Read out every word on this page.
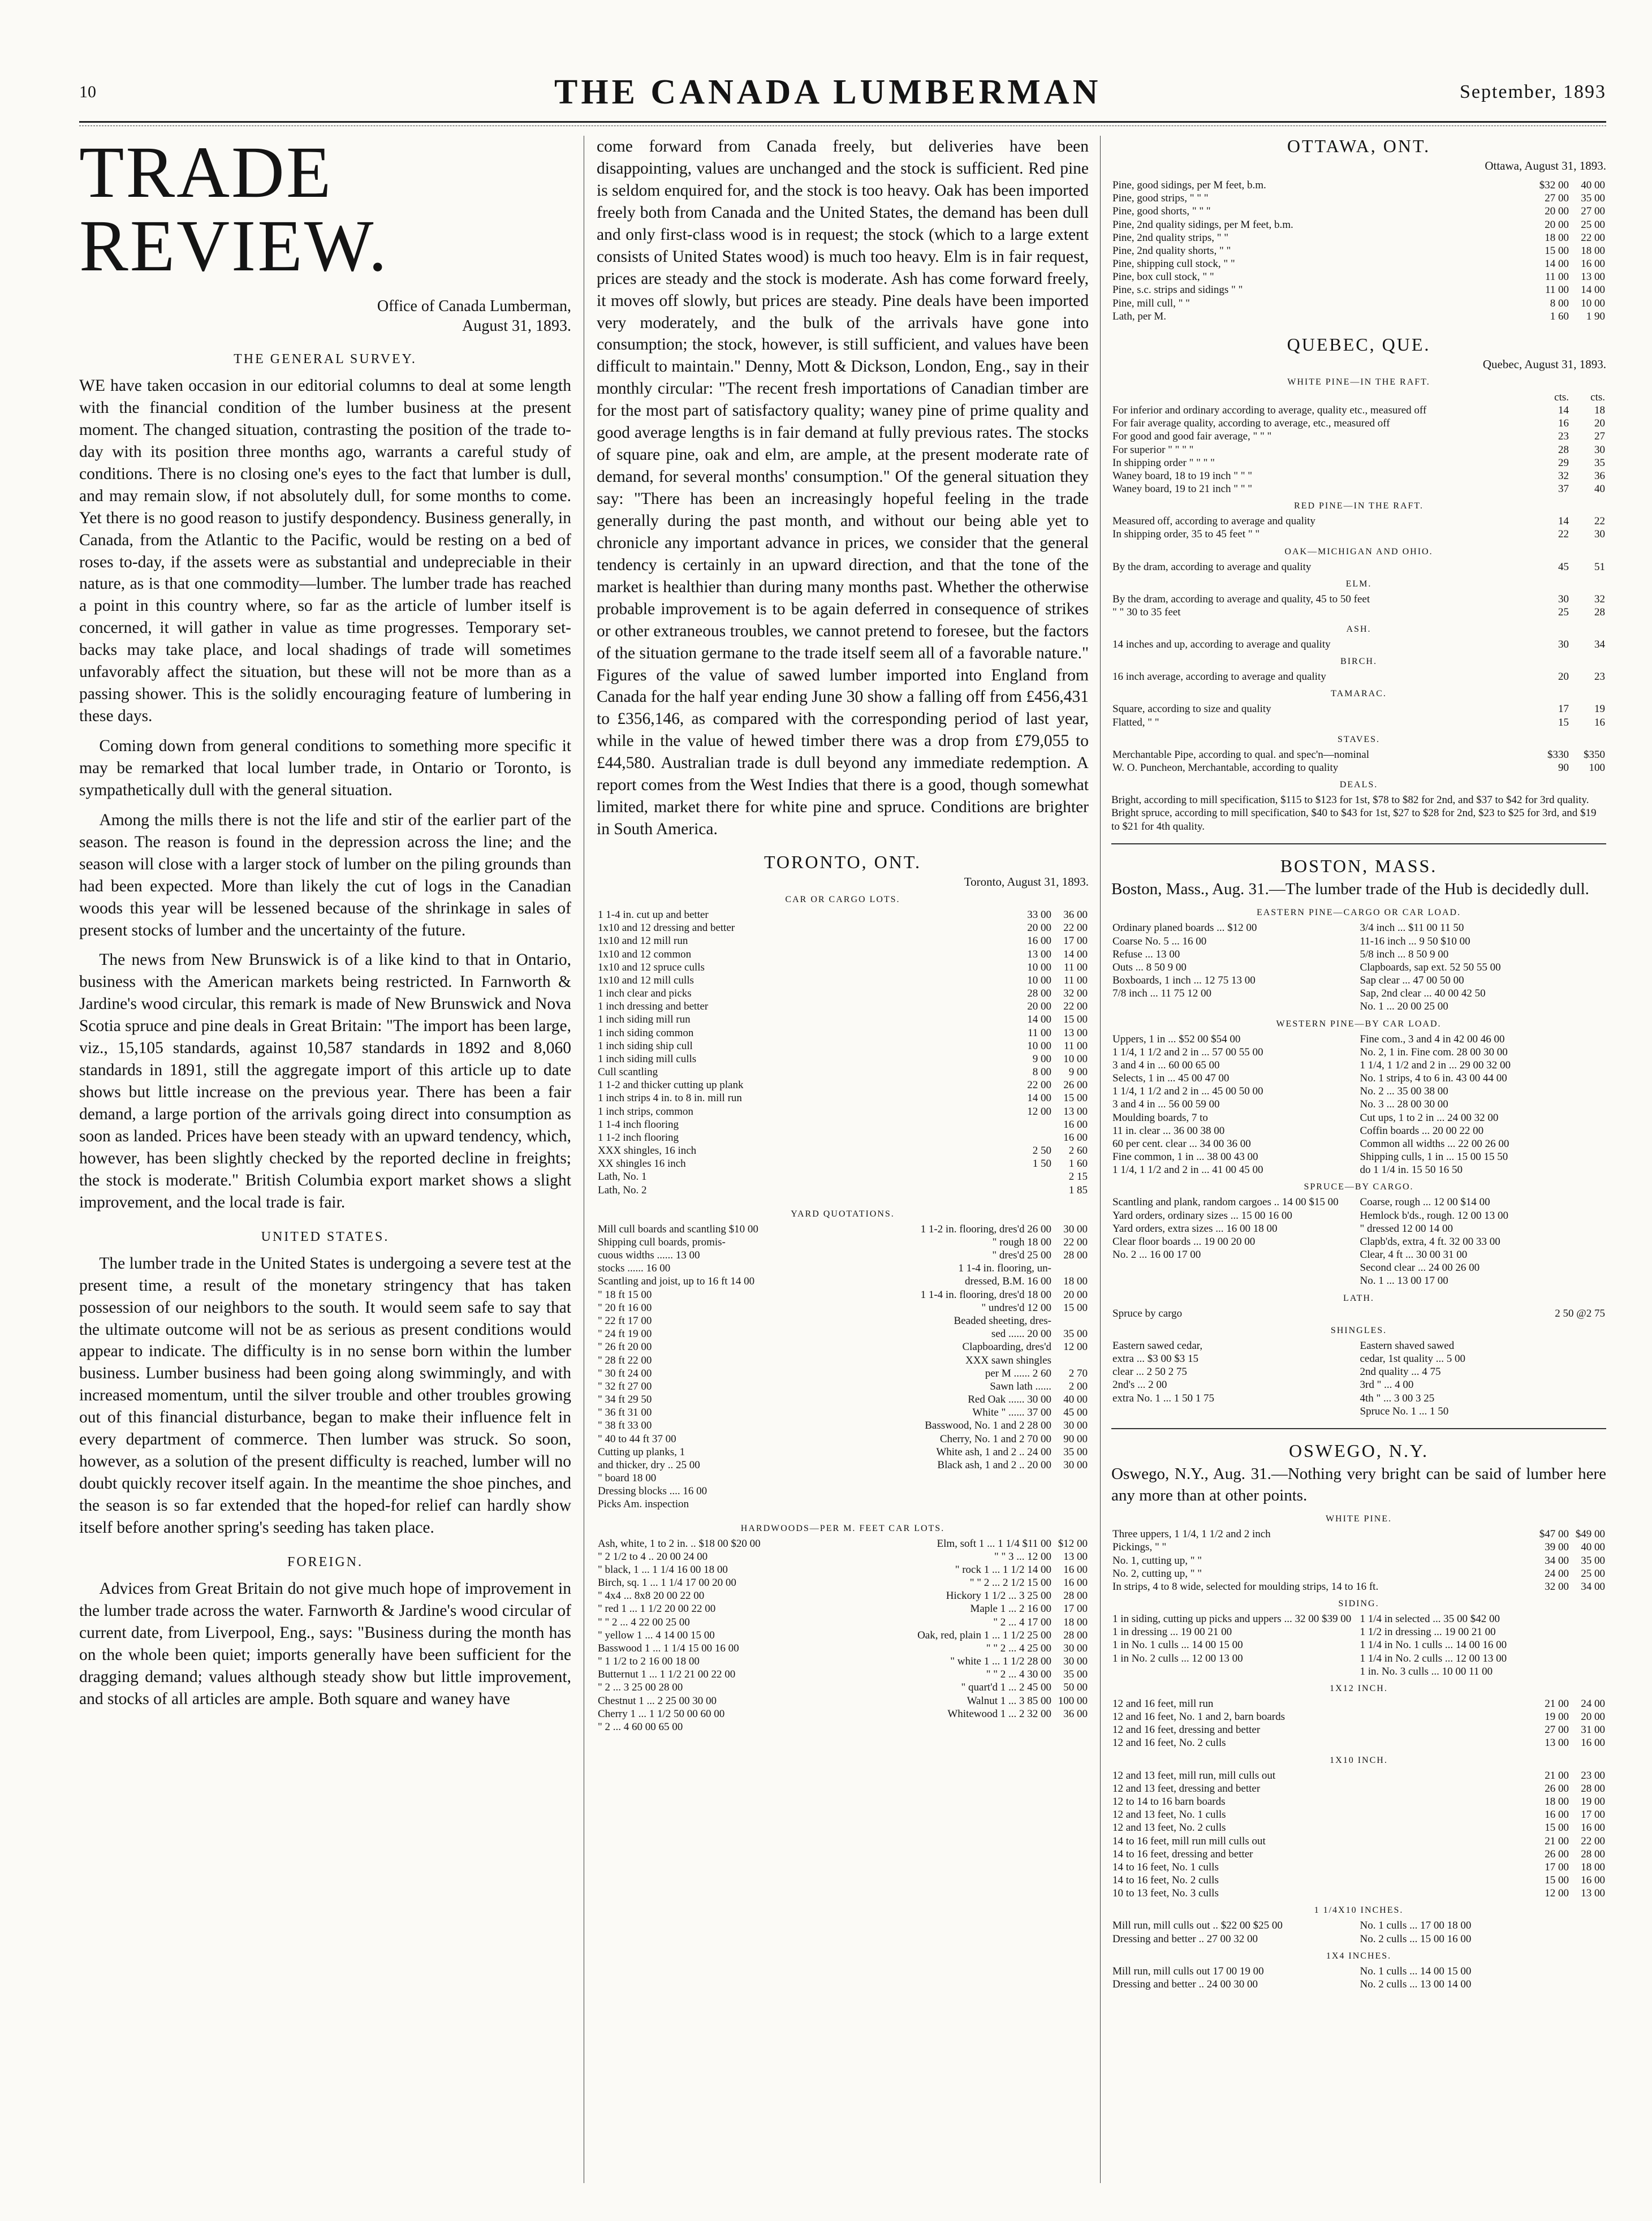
10	THE CANADA LUMBERMAN	September, 1893
TRADE REVIEW.
Office of Canada Lumberman,
August 31, 1893.
THE GENERAL SURVEY.

WE have taken occasion in our editorial columns to deal at some length with the financial condition of the lumber business at the present moment. The changed situation, contrasting the position of the trade to-day with its position three months ago, warrants a careful study of conditions. There is no closing one's eyes to the fact that lumber is dull, and may remain slow, if not absolutely dull, for some months to come. Yet there is no good reason to justify despondency. Business generally, in Canada, from the Atlantic to the Pacific, would be resting on a bed of roses to-day, if the assets were as substantial and undepreciable in their nature, as is that one commodity—lumber. The lumber trade has reached a point in this country where, so far as the article of lumber itself is concerned, it will gather in value as time progresses. Temporary set-backs may take place, and local shadings of trade will sometimes unfavorably affect the situation, but these will not be more than as a passing shower. This is the solidly encouraging feature of lumbering in these days.

Coming down from general conditions to something more specific it may be remarked that local lumber trade, in Ontario or Toronto, is sympathetically dull with the general situation.

Among the mills there is not the life and stir of the earlier part of the season. The reason is found in the depression across the line; and the season will close with a larger stock of lumber on the piling grounds than had been expected. More than likely the cut of logs in the Canadian woods this year will be lessened because of the shrinkage in sales of present stocks of lumber and the uncertainty of the future.

The news from New Brunswick is of a like kind to that in Ontario, business with the American markets being restricted. In Farnworth & Jardine's wood circular, this remark is made of New Brunswick and Nova Scotia spruce and pine deals in Great Britain: "The import has been large, viz., 15,105 standards, against 10,587 standards in 1892 and 8,060 standards in 1891, still the aggregate import of this article up to date shows but little increase on the previous year. There has been a fair demand, a large portion of the arrivals going direct into consumption as soon as landed. Prices have been steady with an upward tendency, which, however, has been slightly checked by the reported decline in freights; the stock is moderate." British Columbia export market shows a slight improvement, and the local trade is fair.

UNITED STATES.

The lumber trade in the United States is undergoing a severe test at the present time, a result of the monetary stringency that has taken possession of our neighbors to the south. It would seem safe to say that the ultimate outcome will not be as serious as present conditions would appear to indicate. The difficulty is in no sense born within the lumber business. Lumber business had been going along swimmingly, and with increased momentum, until the silver trouble and other troubles growing out of this financial disturbance, began to make their influence felt in every department of commerce. Then lumber was struck. So soon, however, as a solution of the present difficulty is reached, lumber will no doubt quickly recover itself again. In the meantime the shoe pinches, and the season is so far extended that the hoped-for relief can hardly show itself before another spring's seeding has taken place.

FOREIGN.

Advices from Great Britain do not give much hope of improvement in the lumber trade across the water. Farnworth & Jardine's wood circular of current date, from Liverpool, Eng., says: "Business during the month has on the whole been quiet; imports generally have been sufficient for the dragging demand; values although steady show but little improvement, and stocks of all articles are ample. Both square and waney have

come forward from Canada freely, but deliveries have been disappointing, values are unchanged and the stock is sufficient. Red pine is seldom enquired for, and the stock is too heavy. Oak has been imported freely both from Canada and the United States, the demand has been dull and only first-class wood is in request; the stock (which to a large extent consists of United States wood) is much too heavy. Elm is in fair request, prices are steady and the stock is moderate. Ash has come forward freely, it moves off slowly, but prices are steady. Pine deals have been imported very moderately, and the bulk of the arrivals have gone into consumption; the stock, however, is still sufficient, and values have been difficult to maintain." Denny, Mott & Dickson, London, Eng., say in their monthly circular: "The recent fresh importations of Canadian timber are for the most part of satisfactory quality; waney pine of prime quality and good average lengths is in fair demand at fully previous rates. The stocks of square pine, oak and elm, are ample, at the present moderate rate of demand, for several months' consumption." Of the general situation they say: "There has been an increasingly hopeful feeling in the trade generally during the past month, and without our being able yet to chronicle any important advance in prices, we consider that the general tendency is certainly in an upward direction, and that the tone of the market is healthier than during many months past. Whether the otherwise probable improvement is to be again deferred in consequence of strikes or other extraneous troubles, we cannot pretend to foresee, but the factors of the situation germane to the trade itself seem all of a favorable nature." Figures of the value of sawed lumber imported into England from Canada for the half year ending June 30 show a falling off from £456,431 to £356,146, as compared with the corresponding period of last year, while in the value of hewed timber there was a drop from £79,055 to £44,580. Australian trade is dull beyond any immediate redemption. A report comes from the West Indies that there is a good, though somewhat limited, market there for white pine and spruce. Conditions are brighter in South America.

TORONTO, ONT.
Toronto, August 31, 1893.
CAR OR CARGO LOTS.
1 1-4 in. cut up and better	33 00	36 00
1x10 and 12 dressing and better	20 00	22 00
1x10 and 12 mill run	16 00	17 00
1x10 and 12 common	13 00	14 00
1x10 and 12 spruce culls	10 00	11 00
1x10 and 12 mill culls	10 00	11 00
1 inch clear and picks	28 00	32 00
1 inch dressing and better	20 00	22 00
1 inch siding mill run	14 00	15 00
1 inch siding common	11 00	13 00
1 inch siding ship cull	10 00	11 00
1 inch siding mill culls	9 00	10 00
Cull scantling	8 00	9 00
1 1-2 and thicker cutting up plank	22 00	26 00
1 inch strips 4 in. to 8 in. mill run	14 00	15 00
1 inch strips, common	12 00	13 00
1 1-4 inch flooring		16 00
1 1-2 inch flooring		16 00
XXX shingles, 16 inch	2 50	2 60
XX shingles 16 inch	1 50	1 60
Lath, No. 1		2 15
Lath, No. 2		1 85
YARD QUOTATIONS.
Mill cull boards and scantling $10 00	1 1-2 in. flooring, dres'd 26 00	30 00
Shipping cull boards, promis-	" rough 18 00	22 00
cuous widths ...... 13 00	" dres'd 25 00	28 00
stocks ...... 16 00	1 1-4 in. flooring, un-	
Scantling and joist, up to 16 ft 14 00	dressed, B.M. 16 00	18 00
" 18 ft 15 00	1 1-4 in. flooring, dres'd 18 00	20 00
" 20 ft 16 00	" undres'd 12 00	15 00
" 22 ft 17 00	Beaded sheeting, dres-	
" 24 ft 19 00	sed ...... 20 00	35 00
" 26 ft 20 00	Clapboarding, dres'd	12 00
" 28 ft 22 00	XXX sawn shingles	
" 30 ft 24 00	per M ...... 2 60	2 70
" 32 ft 27 00	Sawn lath ......	2 00
" 34 ft 29 50	Red Oak ...... 30 00	40 00
" 36 ft 31 00	White " ...... 37 00	45 00
" 38 ft 33 00	Basswood, No. 1 and 2 28 00	30 00
" 40 to 44 ft 37 00	Cherry, No. 1 and 2 70 00	90 00
Cutting up planks, 1	White ash, 1 and 2 .. 24 00	35 00
and thicker, dry .. 25 00	Black ash, 1 and 2 .. 20 00	30 00
" board 18 00		
Dressing blocks .... 16 00		
Picks Am. inspection		
HARDWOODS—PER M. FEET CAR LOTS.
Ash, white, 1 to 2 in. .. $18 00 $20 00	Elm, soft 1 ... 1 1/4 $11 00	$12 00
" 2 1/2 to 4 .. 20 00 24 00	" " 3 ... 12 00	13 00
" black, 1 ... 1 1/4 16 00 18 00	" rock 1 ... 1 1/2 14 00	16 00
Birch, sq. 1 ... 1 1/4 17 00 20 00	" " 2 ... 2 1/2 15 00	16 00
" 4x4 ... 8x8 20 00 22 00	Hickory 1 1/2 ... 3 25 00	28 00
" red 1 ... 1 1/2 20 00 22 00	Maple 1 ... 2 16 00	17 00
" " 2 ... 4 22 00 25 00	" 2 ... 4 17 00	18 00
" yellow 1 ... 4 14 00 15 00	Oak, red, plain 1 ... 1 1/2 25 00	28 00
Basswood 1 ... 1 1/4 15 00 16 00	" " 2 ... 4 25 00	30 00
" 1 1/2 to 2 16 00 18 00	" white 1 ... 1 1/2 28 00	30 00
Butternut 1 ... 1 1/2 21 00 22 00	" " 2 ... 4 30 00	35 00
" 2 ... 3 25 00 28 00	" quart'd 1 ... 2 45 00	50 00
Chestnut 1 ... 2 25 00 30 00	Walnut 1 ... 3 85 00	100 00
Cherry 1 ... 1 1/2 50 00 60 00	Whitewood 1 ... 2 32 00	36 00
" 2 ... 4 60 00 65 00		
OTTAWA, ONT.
Ottawa, August 31, 1893.
Pine, good sidings, per M feet, b.m.	$32 00	40 00
Pine, good strips, " " "	27 00	35 00
Pine, good shorts, " " "	20 00	27 00
Pine, 2nd quality sidings, per M feet, b.m.	20 00	25 00
Pine, 2nd quality strips, " "	18 00	22 00
Pine, 2nd quality shorts, " "	15 00	18 00
Pine, shipping cull stock, " "	14 00	16 00
Pine, box cull stock, " "	11 00	13 00
Pine, s.c. strips and sidings " "	11 00	14 00
Pine, mill cull, " "	8 00	10 00
Lath, per M.	1 60	1 90
QUEBEC, QUE.
Quebec, August 31, 1893.
WHITE PINE—IN THE RAFT.
	cts.	cts.
For inferior and ordinary according to average, quality etc., measured off	14	18
For fair average quality, according to average, etc., measured off	16	20
For good and good fair average, " " "	23	27
For superior " " " "	28	30
In shipping order " " " "	29	35
Waney board, 18 to 19 inch " " "	32	36
Waney board, 19 to 21 inch " " "	37	40
RED PINE—IN THE RAFT.
Measured off, according to average and quality	14	22
In shipping order, 35 to 45 feet " "	22	30
OAK—MICHIGAN AND OHIO.
By the dram, according to average and quality	45	51
ELM.
By the dram, according to average and quality, 45 to 50 feet	30	32
" " 30 to 35 feet	25	28
ASH.
14 inches and up, according to average and quality	30	34
BIRCH.
16 inch average, according to average and quality	20	23
TAMARAC.
Square, according to size and quality	17	19
Flatted, " "	15	16
STAVES.
Merchantable Pipe, according to qual. and spec'n—nominal	$330	$350
W. O. Puncheon, Merchantable, according to quality	90	100
DEALS.
Bright, according to mill specification, $115 to $123 for 1st, $78 to $82 for 2nd, and $37 to $42 for 3rd quality.
Bright spruce, according to mill specification, $40 to $43 for 1st, $27 to $28 for 2nd, $23 to $25 for 3rd, and $19 to $21 for 4th quality.
BOSTON, MASS.

Boston, Mass., Aug. 31.—The lumber trade of the Hub is decidedly dull.

EASTERN PINE—CARGO OR CAR LOAD.
Ordinary planed boards ... $12 00	3/4 inch ... $11 00 11 50
Coarse No. 5 ... 16 00	11-16 inch ... 9 50 $10 00
Refuse ... 13 00	5/8 inch ... 8 50 9 00
Outs ... 8 50 9 00	Clapboards, sap ext. 52 50 55 00
Boxboards, 1 inch ... 12 75 13 00	Sap clear ... 47 00 50 00
7/8 inch ... 11 75 12 00	Sap, 2nd clear ... 40 00 42 50
	No. 1 ... 20 00 25 00
WESTERN PINE—BY CAR LOAD.
Uppers, 1 in ... $52 00 $54 00	Fine com., 3 and 4 in 42 00 46 00
1 1/4, 1 1/2 and 2 in ... 57 00 55 00	No. 2, 1 in. Fine com. 28 00 30 00
3 and 4 in ... 60 00 65 00	1 1/4, 1 1/2 and 2 in ... 29 00 32 00
Selects, 1 in ... 45 00 47 00	No. 1 strips, 4 to 6 in. 43 00 44 00
1 1/4, 1 1/2 and 2 in ... 45 00 50 00	No. 2 ... 35 00 38 00
3 and 4 in ... 56 00 59 00	No. 3 ... 28 00 30 00
Moulding boards, 7 to	Cut ups, 1 to 2 in ... 24 00 32 00
11 in. clear ... 36 00 38 00	Coffin boards ... 20 00 22 00
60 per cent. clear ... 34 00 36 00	Common all widths ... 22 00 26 00
Fine common, 1 in ... 38 00 43 00	Shipping culls, 1 in ... 15 00 15 50
1 1/4, 1 1/2 and 2 in ... 41 00 45 00	do 1 1/4 in. 15 50 16 50
SPRUCE—BY CARGO.
Scantling and plank, random cargoes .. 14 00 $15 00	Coarse, rough ... 12 00 $14 00
Yard orders, ordinary sizes ... 15 00 16 00	Hemlock b'ds., rough. 12 00 13 00
Yard orders, extra sizes ... 16 00 18 00	" dressed 12 00 14 00
Clear floor boards ... 19 00 20 00	Clapb'ds, extra, 4 ft. 32 00 33 00
No. 2 ... 16 00 17 00	Clear, 4 ft ... 30 00 31 00
	Second clear ... 24 00 26 00
	No. 1 ... 13 00 17 00
LATH.
Spruce by cargo	2 50 @2 75
SHINGLES.
Eastern sawed cedar,	Eastern shaved sawed
extra ... $3 00 $3 15	cedar, 1st quality ... 5 00
clear ... 2 50 2 75	2nd quality ... 4 75
2nd's ... 2 00	3rd " ... 4 00
extra No. 1 ... 1 50 1 75	4th " ... 3 00 3 25
	Spruce No. 1 ... 1 50
OSWEGO, N.Y.

Oswego, N.Y., Aug. 31.—Nothing very bright can be said of lumber here any more than at other points.

WHITE PINE.
Three uppers, 1 1/4, 1 1/2 and 2 inch	$47 00	$49 00
Pickings, " "	39 00	40 00
No. 1, cutting up, " "	34 00	35 00
No. 2, cutting up, " "	24 00	25 00
In strips, 4 to 8 wide, selected for moulding strips, 14 to 16 ft.	32 00	34 00
SIDING.
1 in siding, cutting up picks and uppers ... 32 00 $39 00	1 1/4 in selected ... 35 00 $42 00
1 in dressing ... 19 00 21 00	1 1/2 in dressing ... 19 00 21 00
1 in No. 1 culls ... 14 00 15 00	1 1/4 in No. 1 culls ... 14 00 16 00
1 in No. 2 culls ... 12 00 13 00	1 1/4 in No. 2 culls ... 12 00 13 00
	1 in. No. 3 culls ... 10 00 11 00
1X12 INCH.
12 and 16 feet, mill run	21 00	24 00
12 and 16 feet, No. 1 and 2, barn boards	19 00	20 00
12 and 16 feet, dressing and better	27 00	31 00
12 and 16 feet, No. 2 culls	13 00	16 00
1X10 INCH.
12 and 13 feet, mill run, mill culls out	21 00	23 00
12 and 13 feet, dressing and better	26 00	28 00
12 to 14 to 16 barn boards	18 00	19 00
12 and 13 feet, No. 1 culls	16 00	17 00
12 and 13 feet, No. 2 culls	15 00	16 00
14 to 16 feet, mill run mill culls out	21 00	22 00
14 to 16 feet, dressing and better	26 00	28 00
14 to 16 feet, No. 1 culls	17 00	18 00
14 to 16 feet, No. 2 culls	15 00	16 00
10 to 13 feet, No. 3 culls	12 00	13 00
1 1/4X10 INCHES.
Mill run, mill culls out .. $22 00 $25 00	No. 1 culls ... 17 00 18 00
Dressing and better .. 27 00 32 00	No. 2 culls ... 15 00 16 00
1X4 INCHES.
Mill run, mill culls out 17 00 19 00	No. 1 culls ... 14 00 15 00
Dressing and better .. 24 00 30 00	No. 2 culls ... 13 00 14 00
